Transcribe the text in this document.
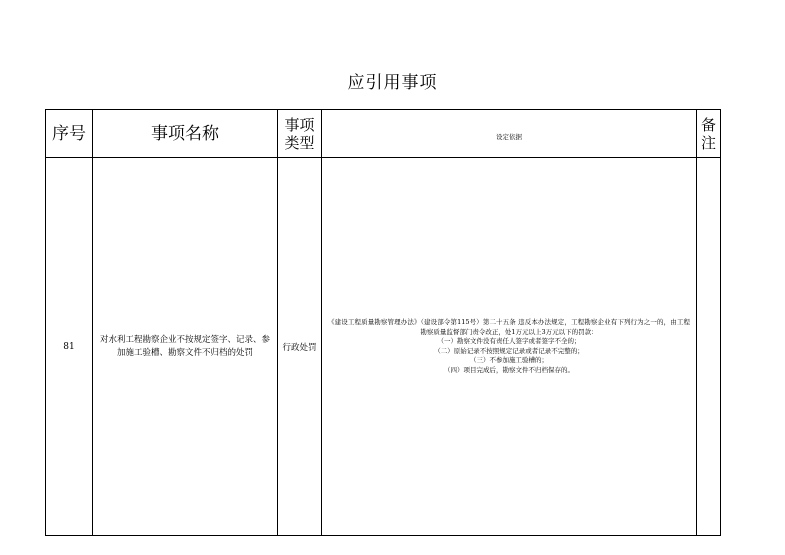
应引用事项
序号	事项名称	事项类型	设定依据	备注

81	对水利工程勘察企业不按规定签字、记录、参加施工验槽、勘察文件不归档的处罚	行政处罚	《建设工程质量勘察管理办法》（建设部令第115号）第二十五条 违反本办法规定，工程勘察企业有下列行为之一的，由工程勘察质量监督部门责令改正，处1万元以上3万元以下的罚款：

（一）勘察文件没有责任人签字或者签字不全的；

（二）原始记录不按照规定记录或者记录不完整的；

（三）不参加施工验槽的；

（四）项目完成后，勘察文件不归档保存的。	
